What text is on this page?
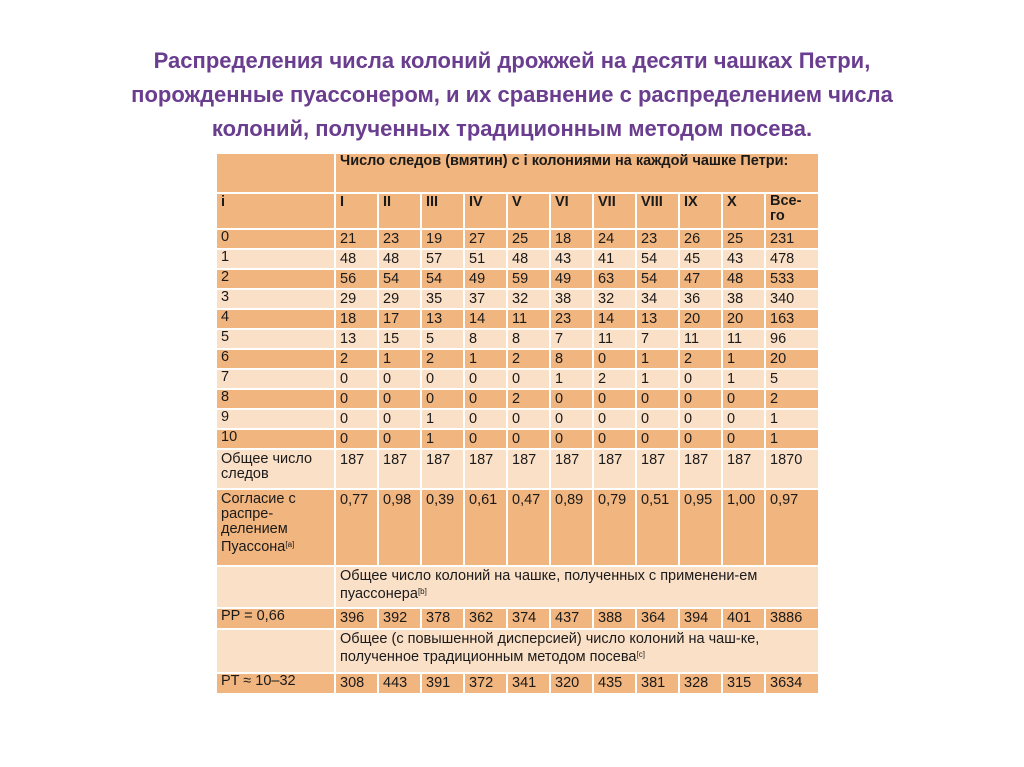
Распределения числа колоний дрожжей на десяти чашках Петри,
порожденные пуассонером, и их сравнение с распределением числа
колоний, полученных традиционным методом посева.
	Число следов (вмятин) с i колониями на каждой чашке Петри:										
i	I	II	III	IV	V	VI	VII	VIII	IX	X	Все-го
0	21	23	19	27	25	18	24	23	26	25	231
1	48	48	57	51	48	43	41	54	45	43	478
2	56	54	54	49	59	49	63	54	47	48	533
3	29	29	35	37	32	38	32	34	36	38	340
4	18	17	13	14	11	23	14	13	20	20	163
5	13	15	5	8	8	7	11	7	11	11	96
6	2	1	2	1	2	8	0	1	2	1	20
7	0	0	0	0	0	1	2	1	0	1	5
8	0	0	0	0	2	0	0	0	0	0	2
9	0	0	1	0	0	0	0	0	0	0	1
10	0	0	1	0	0	0	0	0	0	0	1
Общее число следов	187	187	187	187	187	187	187	187	187	187	1870
Согласие с распре-делением Пуассона[a]	0,77	0,98	0,39	0,61	0,47	0,89	0,79	0,51	0,95	1,00	0,97
	Общее число колоний на чашке, полученных с применени-ем пуассонера[b]
PP = 0,66	396	392	378	362	374	437	388	364	394	401	3886
	Общее (с повышенной дисперсией) число колоний на чаш-ке, полученное традиционным методом посева[c]
PT ≈ 10–32	308	443	391	372	341	320	435	381	328	315	3634
